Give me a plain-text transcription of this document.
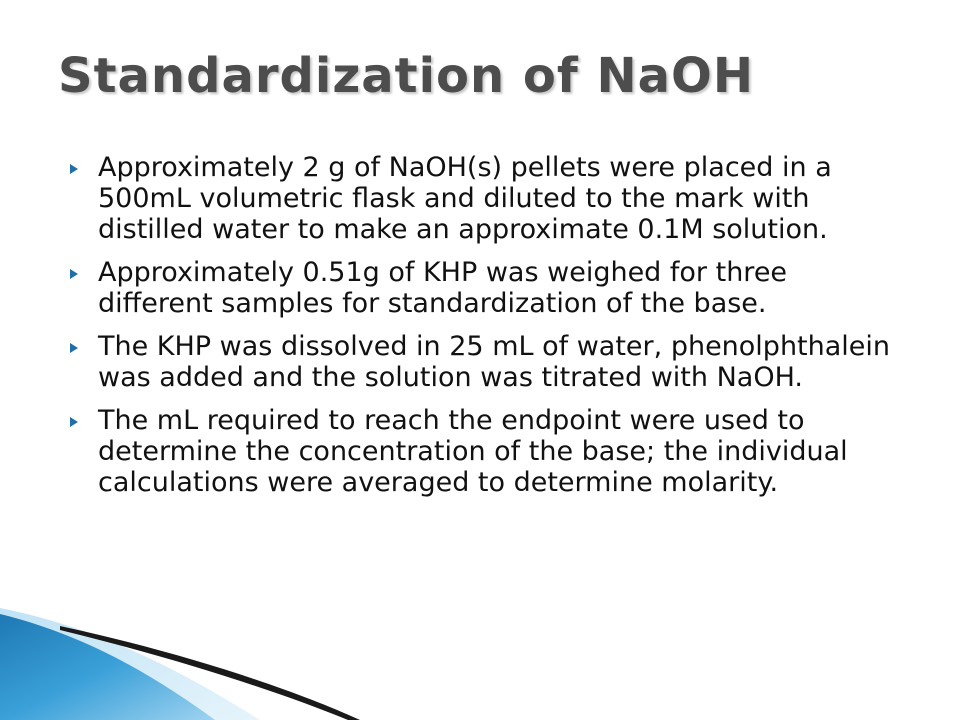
Standardization of NaOH
Approximately 2 g of NaOH(s) pellets were placed in a 500mL volumetric flask and diluted to the mark with distilled water to make an approximate 0.1M solution.
Approximately 0.51g of KHP was weighed for three different samples for standardization of the base.
The KHP was dissolved in 25 mL of water, phenolphthalein was added and the solution was titrated with NaOH.
The mL required to reach the endpoint were used to determine the concentration of the base; the individual calculations were averaged to determine molarity.
